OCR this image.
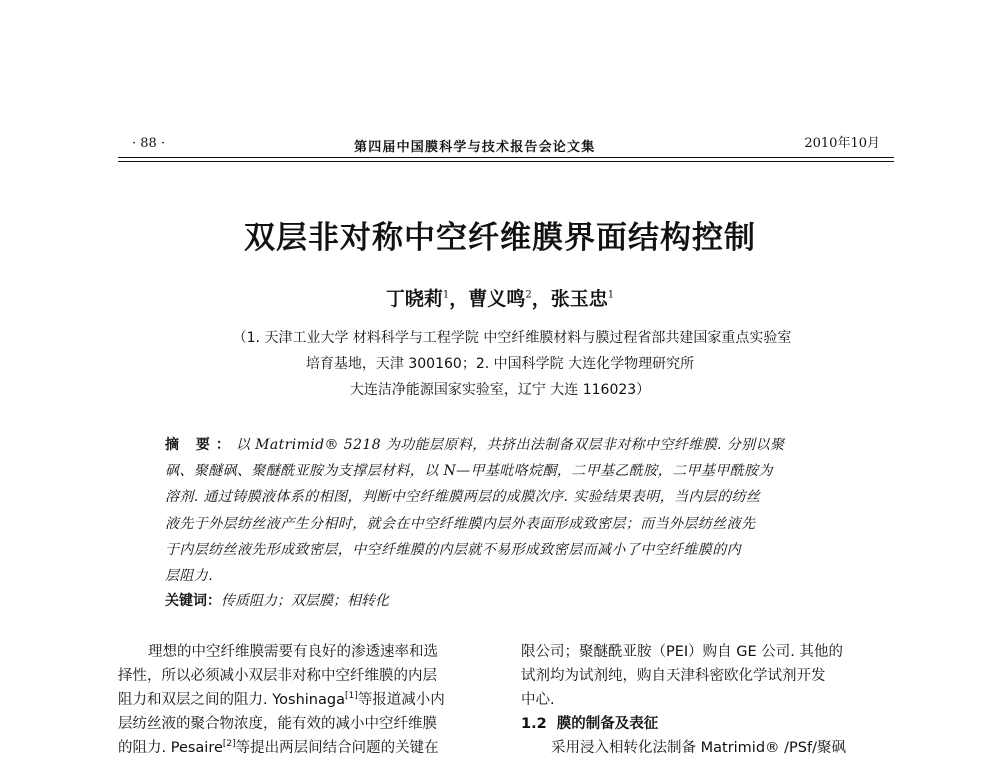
· 88 ·	第四届中国膜科学与技术报告会论文集	2010年10月
双层非对称中空纤维膜界面结构控制
丁晓莉$^1$，曹义鸣$^2$，张玉忠$^1$
（1. 天津工业大学 材料科学与工程学院 中空纤维膜材料与膜过程省部共建国家重点实验室
培育基地，天津 300160；2. 中国科学院 大连化学物理研究所
大连洁净能源国家实验室，辽宁 大连 116023）
摘 要：以 Matrimid® 5218 为功能层原料，共挤出法制备双层非对称中空纤维膜. 分别以聚
砜、聚醚砜、聚醚酰亚胺为支撑层材料，以 N—甲基吡咯烷酮，二甲基乙酰胺，二甲基甲酰胺为
溶剂. 通过铸膜液体系的相图，判断中空纤维膜两层的成膜次序. 实验结果表明，当内层的纺丝
液先于外层纺丝液产生分相时，就会在中空纤维膜内层外表面形成致密层；而当外层纺丝液先
于内层纺丝液先形成致密层，中空纤维膜的内层就不易形成致密层而减小了中空纤维膜的内
层阻力.
关键词：传质阻力；双层膜；相转化
理想的中空纤维膜需要有良好的渗透速率和选
择性，所以必须减小双层非对称中空纤维膜的内层
阻力和双层之间的阻力. Yoshinaga[1]等报道减小内
层纺丝液的聚合物浓度，能有效的减小中空纤维膜
的阻力. Pesaire[2]等提出两层间结合问题的关键在
限公司；聚醚酰亚胺（PEI）购自 GE 公司. 其他的
试剂均为试剂纯，购自天津科密欧化学试剂开发
中心.
1.2 膜的制备及表征
采用浸入相转化法制备 Matrimid® /PSf/聚砜
